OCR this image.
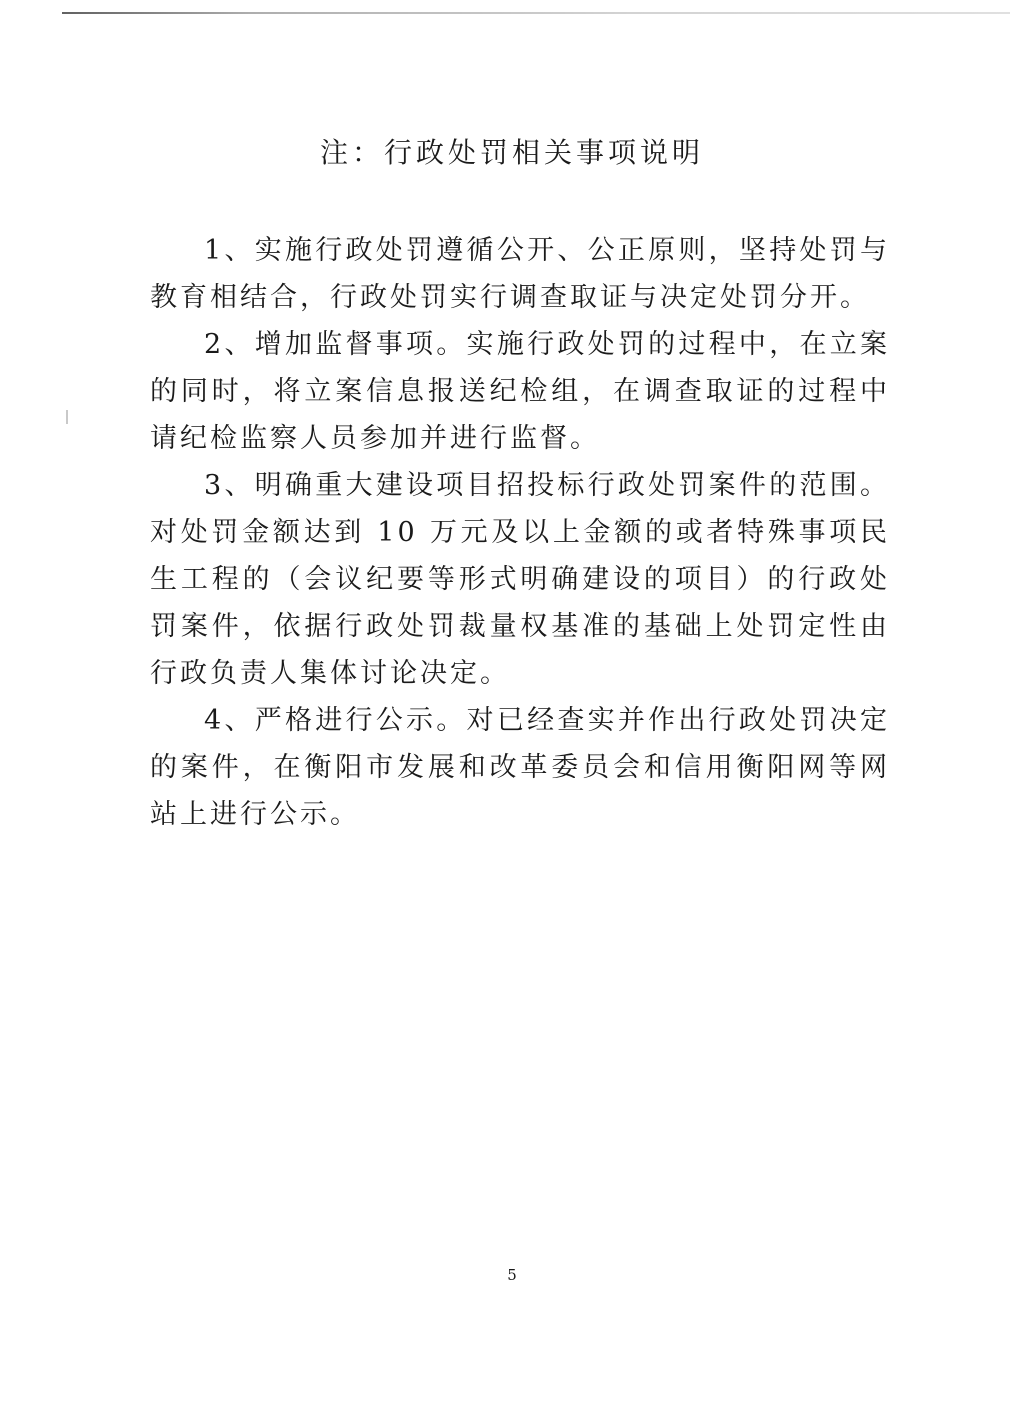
注：行政处罚相关事项说明

1、实施行政处罚遵循公开、公正原则，坚持处罚与教育相结合，行政处罚实行调查取证与决定处罚分开。

2、增加监督事项。实施行政处罚的过程中，在立案的同时，将立案信息报送纪检组，在调查取证的过程中请纪检监察人员参加并进行监督。

3、明确重大建设项目招投标行政处罚案件的范围。对处罚金额达到 10 万元及以上金额的或者特殊事项民生工程的（会议纪要等形式明确建设的项目）的行政处罚案件，依据行政处罚裁量权基准的基础上处罚定性由行政负责人集体讨论决定。

4、严格进行公示。对已经查实并作出行政处罚决定的案件，在衡阳市发展和改革委员会和信用衡阳网等网站上进行公示。

5
